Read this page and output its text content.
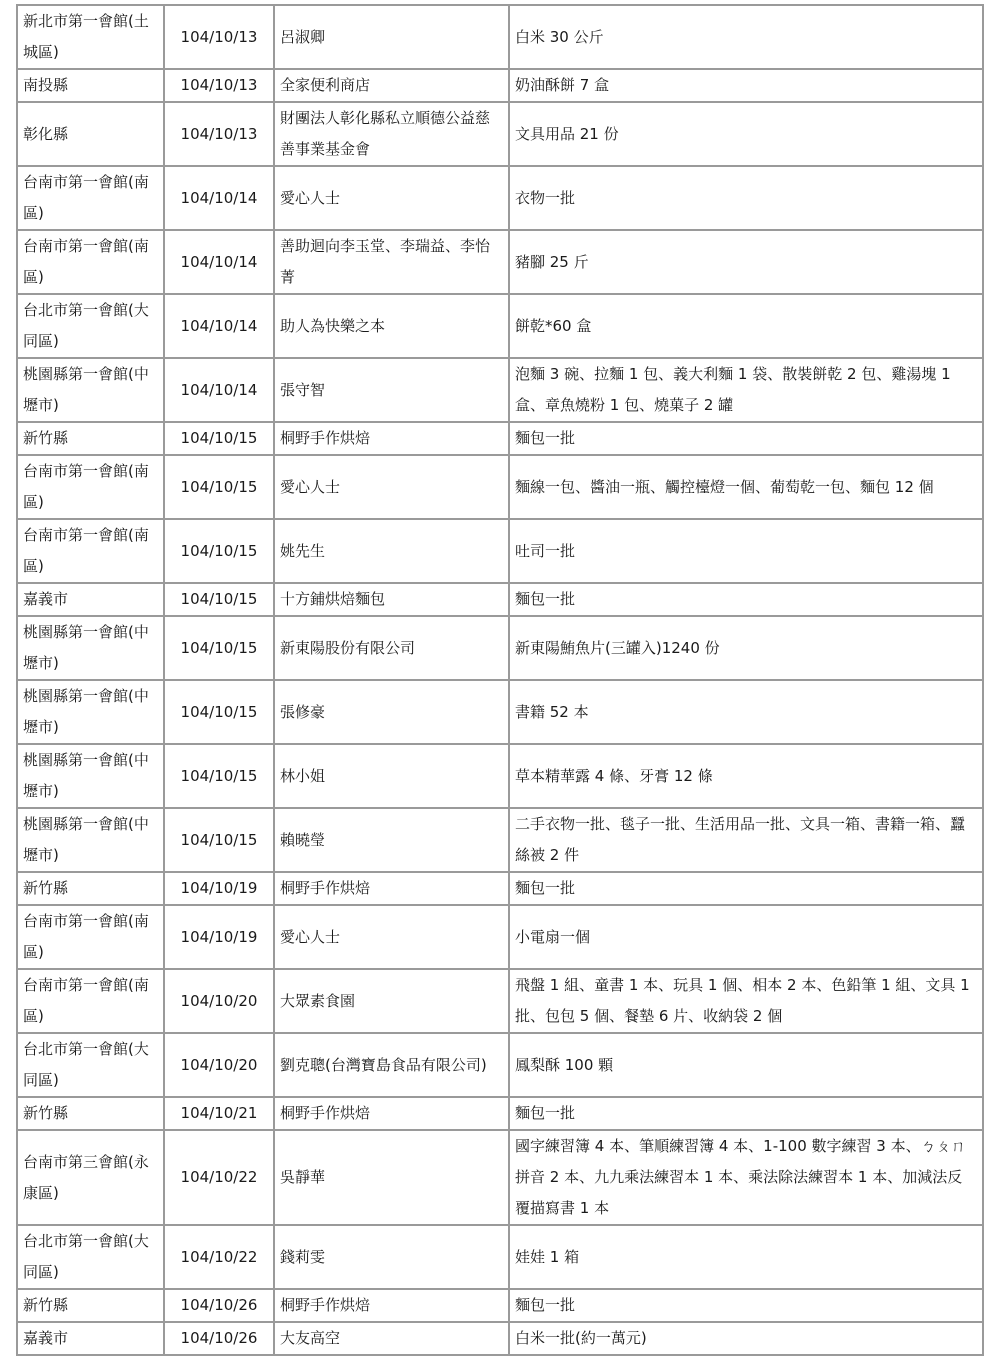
新北市第一會館(土城區)	104/10/13	呂淑卿	白米 30 公斤
南投縣	104/10/13	全家便利商店	奶油酥餅 7 盒
彰化縣	104/10/13	財團法人彰化縣私立順德公益慈善事業基金會	文具用品 21 份
台南市第一會館(南區)	104/10/14	愛心人士	衣物一批
台南市第一會館(南區)	104/10/14	善助迴向李玉堂、李瑞益、李怡菁	豬腳 25 斤
台北市第一會館(大同區)	104/10/14	助人為快樂之本	餅乾*60 盒
桃園縣第一會館(中壢市)	104/10/14	張守智	泡麵 3 碗、拉麵 1 包、義大利麵 1 袋、散裝餅乾 2 包、雞湯塊 1 盒、章魚燒粉 1 包、燒菓子 2 罐
新竹縣	104/10/15	桐野手作烘焙	麵包一批
台南市第一會館(南區)	104/10/15	愛心人士	麵線一包、醬油一瓶、觸控檯燈一個、葡萄乾一包、麵包 12 個
台南市第一會館(南區)	104/10/15	姚先生	吐司一批
嘉義市	104/10/15	十方鋪烘焙麵包	麵包一批
桃園縣第一會館(中壢市)	104/10/15	新東陽股份有限公司	新東陽鮪魚片(三罐入)1240 份
桃園縣第一會館(中壢市)	104/10/15	張修豪	書籍 52 本
桃園縣第一會館(中壢市)	104/10/15	林小姐	草本精華露 4 條、牙膏 12 條
桃園縣第一會館(中壢市)	104/10/15	賴曉瑩	二手衣物一批、毯子一批、生活用品一批、文具一箱、書籍一箱、蠶絲被 2 件
新竹縣	104/10/19	桐野手作烘焙	麵包一批
台南市第一會館(南區)	104/10/19	愛心人士	小電扇一個
台南市第一會館(南區)	104/10/20	大眾素食園	飛盤 1 組、童書 1 本、玩具 1 個、相本 2 本、色鉛筆 1 組、文具 1 批、包包 5 個、餐墊 6 片、收納袋 2 個
台北市第一會館(大同區)	104/10/20	劉克聰(台灣寶島食品有限公司)	鳳梨酥 100 顆
新竹縣	104/10/21	桐野手作烘焙	麵包一批
台南市第三會館(永康區)	104/10/22	吳靜華	國字練習簿 4 本、筆順練習簿 4 本、1-100 數字練習 3 本、ㄅㄆㄇ 拼音 2 本、九九乘法練習本 1 本、乘法除法練習本 1 本、加減法反覆描寫書 1 本
台北市第一會館(大同區)	104/10/22	錢莉雯	娃娃 1 箱
新竹縣	104/10/26	桐野手作烘焙	麵包一批
嘉義市	104/10/26	大友高空	白米一批(約一萬元)
